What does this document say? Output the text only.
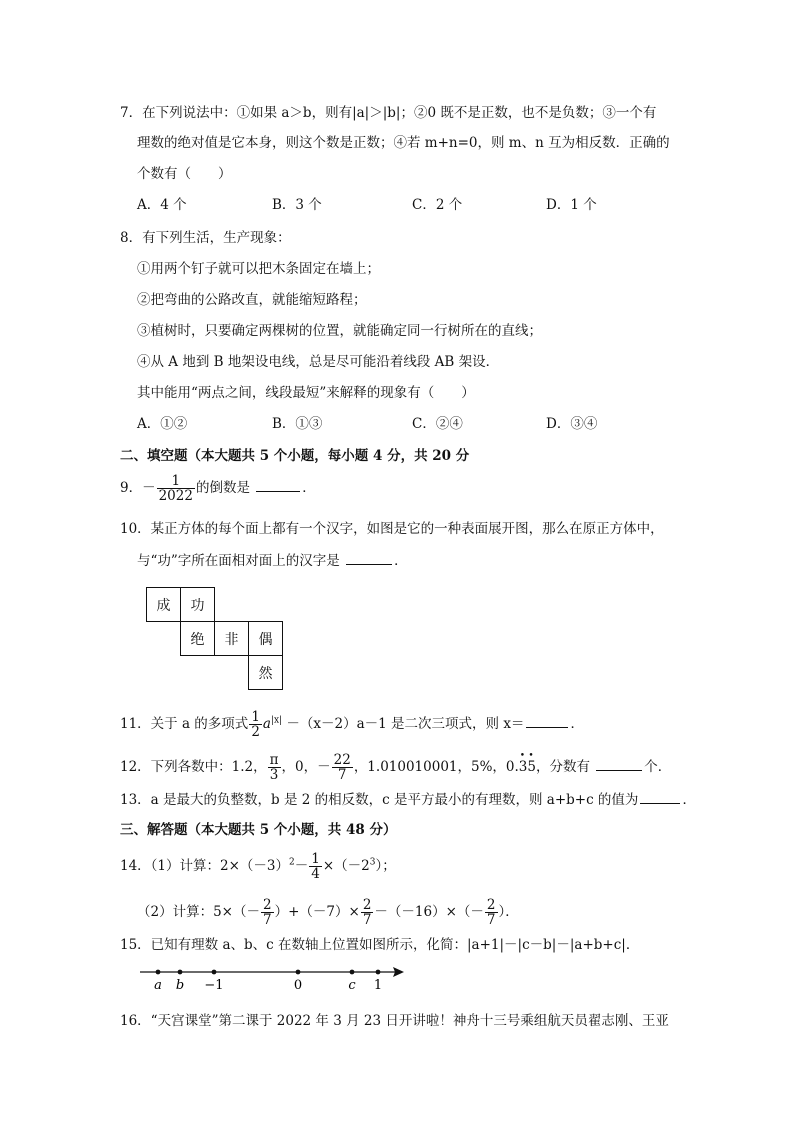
7．在下列说法中：①如果 a＞b，则有|a|＞|b|；②0 既不是正数，也不是负数；③一个有
理数的绝对值是它本身，则这个数是正数；④若 m+n=0，则 m、n 互为相反数．正确的
个数有（　　）
A．4 个	B．3 个	C．2 个	D．1 个
8．有下列生活，生产现象：
①用两个钉子就可以把木条固定在墙上；
②把弯曲的公路改直，就能缩短路程；
③植树时，只要确定两棵树的位置，就能确定同一行树所在的直线；
④从 A 地到 B 地架设电线，总是尽可能沿着线段 AB 架设．
其中能用“两点之间，线段最短”来解释的现象有（　　）
A．①②	B．①③	C．②④	D．③④
二、填空题（本大题共 5 个小题，每小题 4 分，共 20 分
9．－ $\frac{1}{2022}$ 的倒数是	．
10．某正方体的每个面上都有一个汉字，如图是它的一种表面展开图，那么在原正方体中，
与“功”字所在面相对面上的汉字是	．
成	功
绝	非	偶
然
11．关于 a 的多项式 $\frac{1}{2} a^{|x|} -(x-2)a-1$ 是二次三项式，则 x＝	．
12．下列各数中：1.2， $\frac{\pi}{3}$ ，0，－ $\frac{22}{7}$ ，1.010010001，5%，0.• 3• 5，分数有	个．
13．a 是最大的负整数，b 是 2 的相反数，c 是平方最小的有理数，则 a+b+c 的值为	．
三、解答题（本大题共 5 个小题，共 48 分）
14．（1）计算：$2\times(-3)^2- \frac{1}{4} \times(-2^3)$；
（2）计算：$5\times(- \frac{2}{7} )+(-7)\times \frac{2}{7} -(-16)\times(- \frac{2}{7}$ ）．
15．已知有理数 a、b、c 在数轴上位置如图所示，化简：|a+1|－|c－b|－|a+b+c|．
a b −1	0	c 1
16．“天宫课堂”第二课于 2022 年 3 月 23 日开讲啦！神舟十三号乘组航天员翟志刚、王亚
